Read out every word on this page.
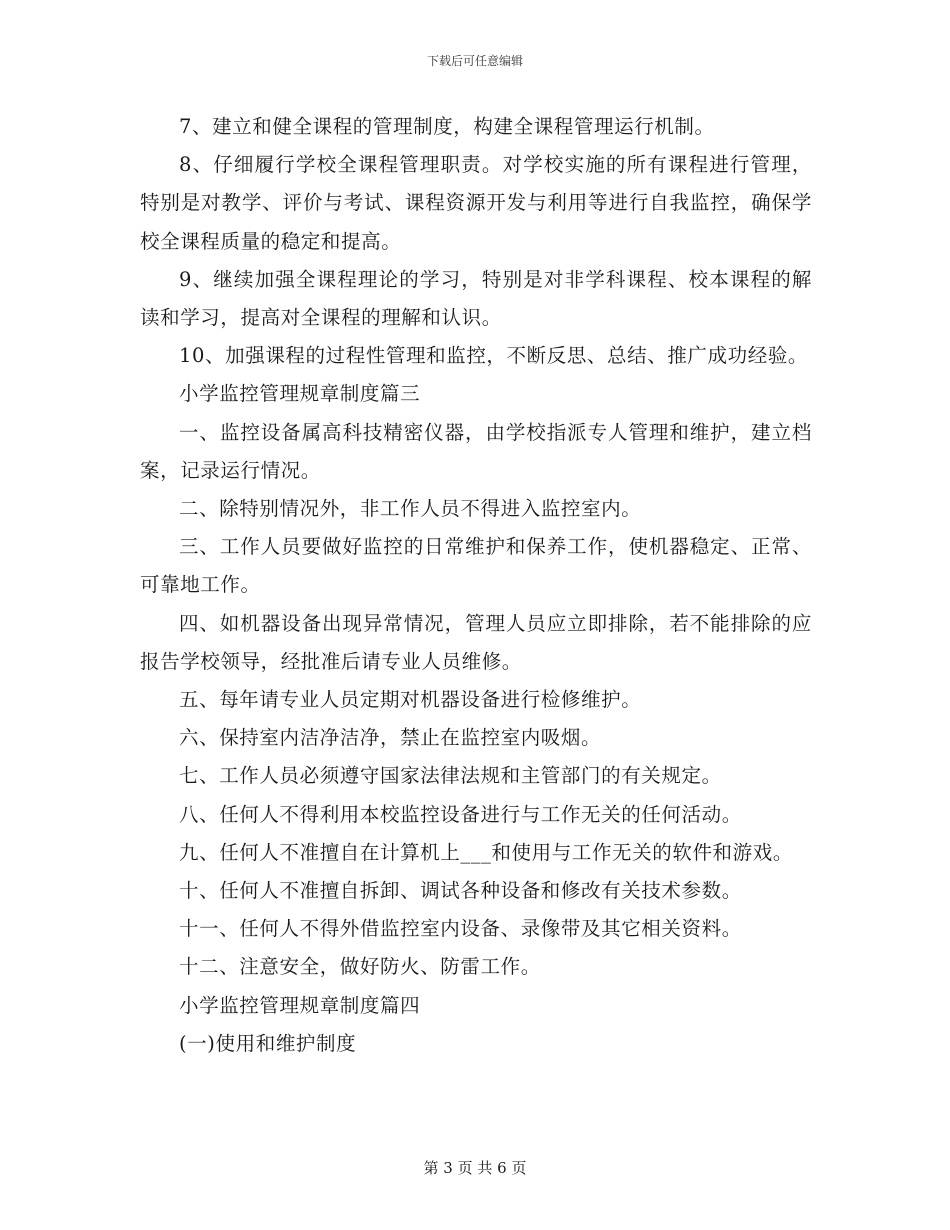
下载后可任意编辑

7、建立和健全课程的管理制度，构建全课程管理运行机制。

8、仔细履行学校全课程管理职责。对学校实施的所有课程进行管理，特别是对教学、评价与考试、课程资源开发与利用等进行自我监控，确保学校全课程质量的稳定和提高。

9、继续加强全课程理论的学习，特别是对非学科课程、校本课程的解读和学习，提高对全课程的理解和认识。

10、加强课程的过程性管理和监控，不断反思、总结、推广成功经验。

小学监控管理规章制度篇三

一、监控设备属高科技精密仪器，由学校指派专人管理和维护，建立档案，记录运行情况。

二、除特别情况外，非工作人员不得进入监控室内。

三、工作人员要做好监控的日常维护和保养工作，使机器稳定、正常、可靠地工作。

四、如机器设备出现异常情况，管理人员应立即排除，若不能排除的应报告学校领导，经批准后请专业人员维修。

五、每年请专业人员定期对机器设备进行检修维护。

六、保持室内洁净洁净，禁止在监控室内吸烟。

七、工作人员必须遵守国家法律法规和主管部门的有关规定。

八、任何人不得利用本校监控设备进行与工作无关的任何活动。

九、任何人不准擅自在计算机上___和使用与工作无关的软件和游戏。

十、任何人不准擅自拆卸、调试各种设备和修改有关技术参数。

十一、任何人不得外借监控室内设备、录像带及其它相关资料。

十二、注意安全，做好防火、防雷工作。

小学监控管理规章制度篇四

(一)使用和维护制度

第 3 页 共 6 页
